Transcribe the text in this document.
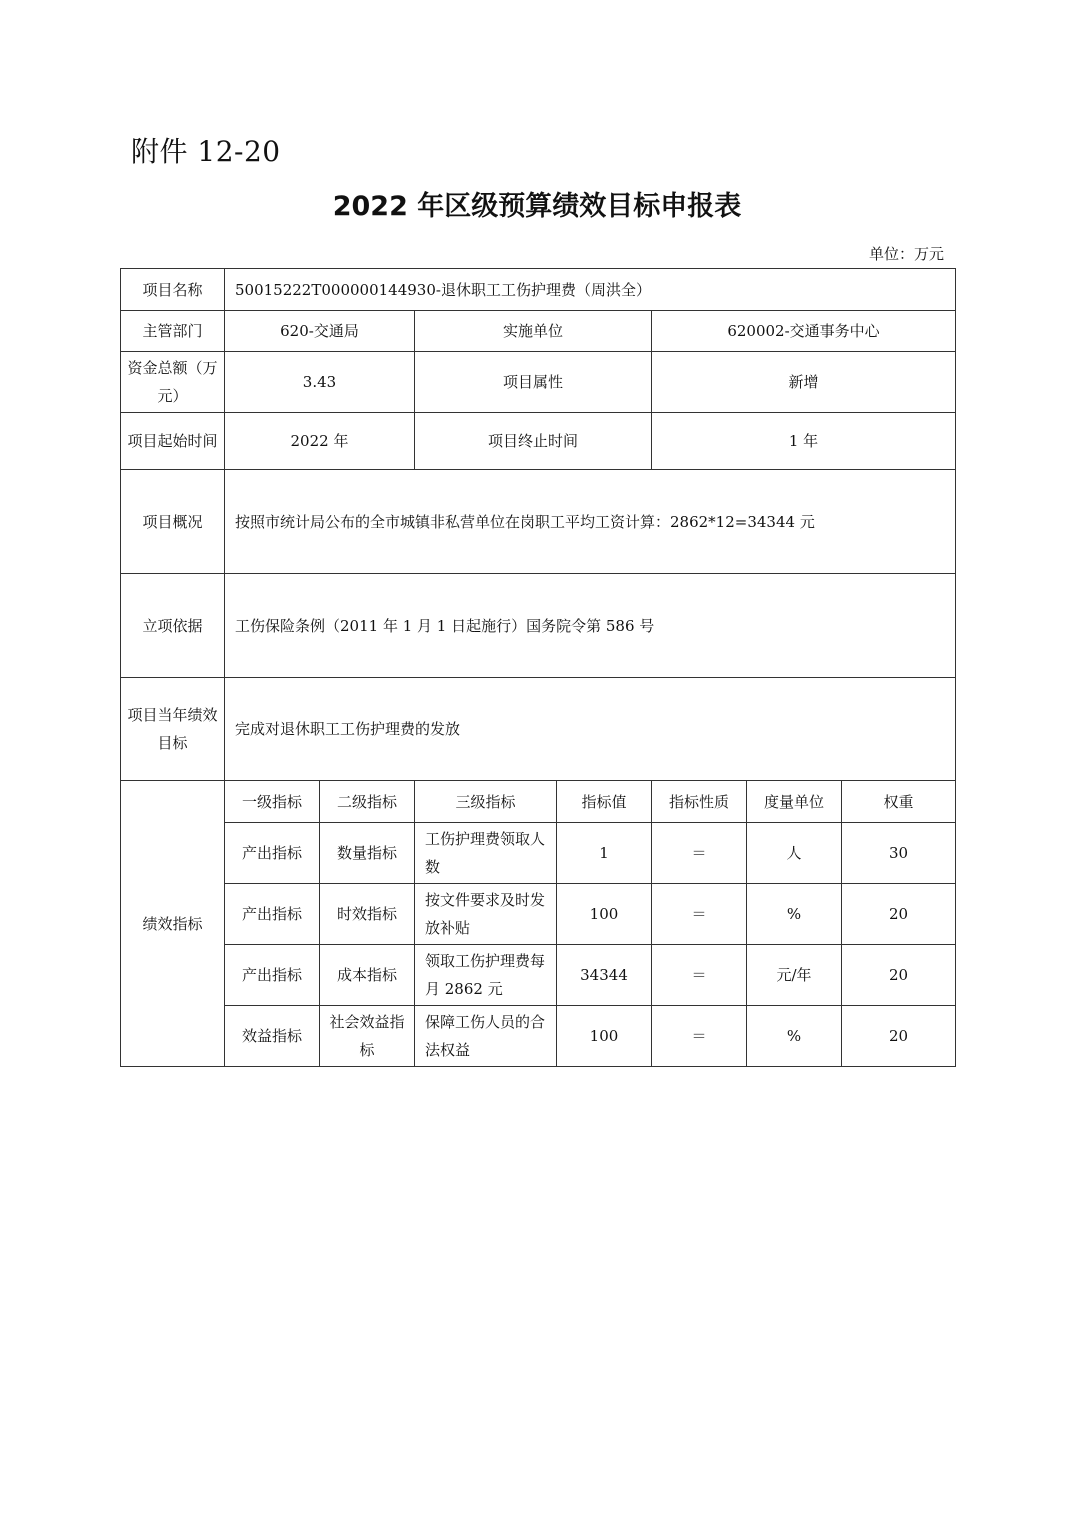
附件 12-20
2022 年区级预算绩效目标申报表
单位：万元
项目名称	50015222T000000144930-退休职工工伤护理费（周洪全）						
主管部门	620-交通局		实施单位		620002-交通事务中心		
资金总额（万元）	3.43		项目属性		新增		
项目起始时间	2022 年		项目终止时间		1 年		
项目概况	按照市统计局公布的全市城镇非私营单位在岗职工平均工资计算：2862*12=34344 元						
立项依据	工伤保险条例（2011 年 1 月 1 日起施行）国务院令第 586 号						
项目当年绩效目标	完成对退休职工工伤护理费的发放						
绩效指标	一级指标	二级指标	三级指标	指标值	指标性质	度量单位	权重
	产出指标	数量指标	工伤护理费领取人数	1	＝	人	30
	产出指标	时效指标	按文件要求及时发放补贴	100	＝	%	20
	产出指标	成本指标	领取工伤护理费每月 2862 元	34344	＝	元/年	20
	效益指标	社会效益指标	保障工伤人员的合法权益	100	＝	%	20
